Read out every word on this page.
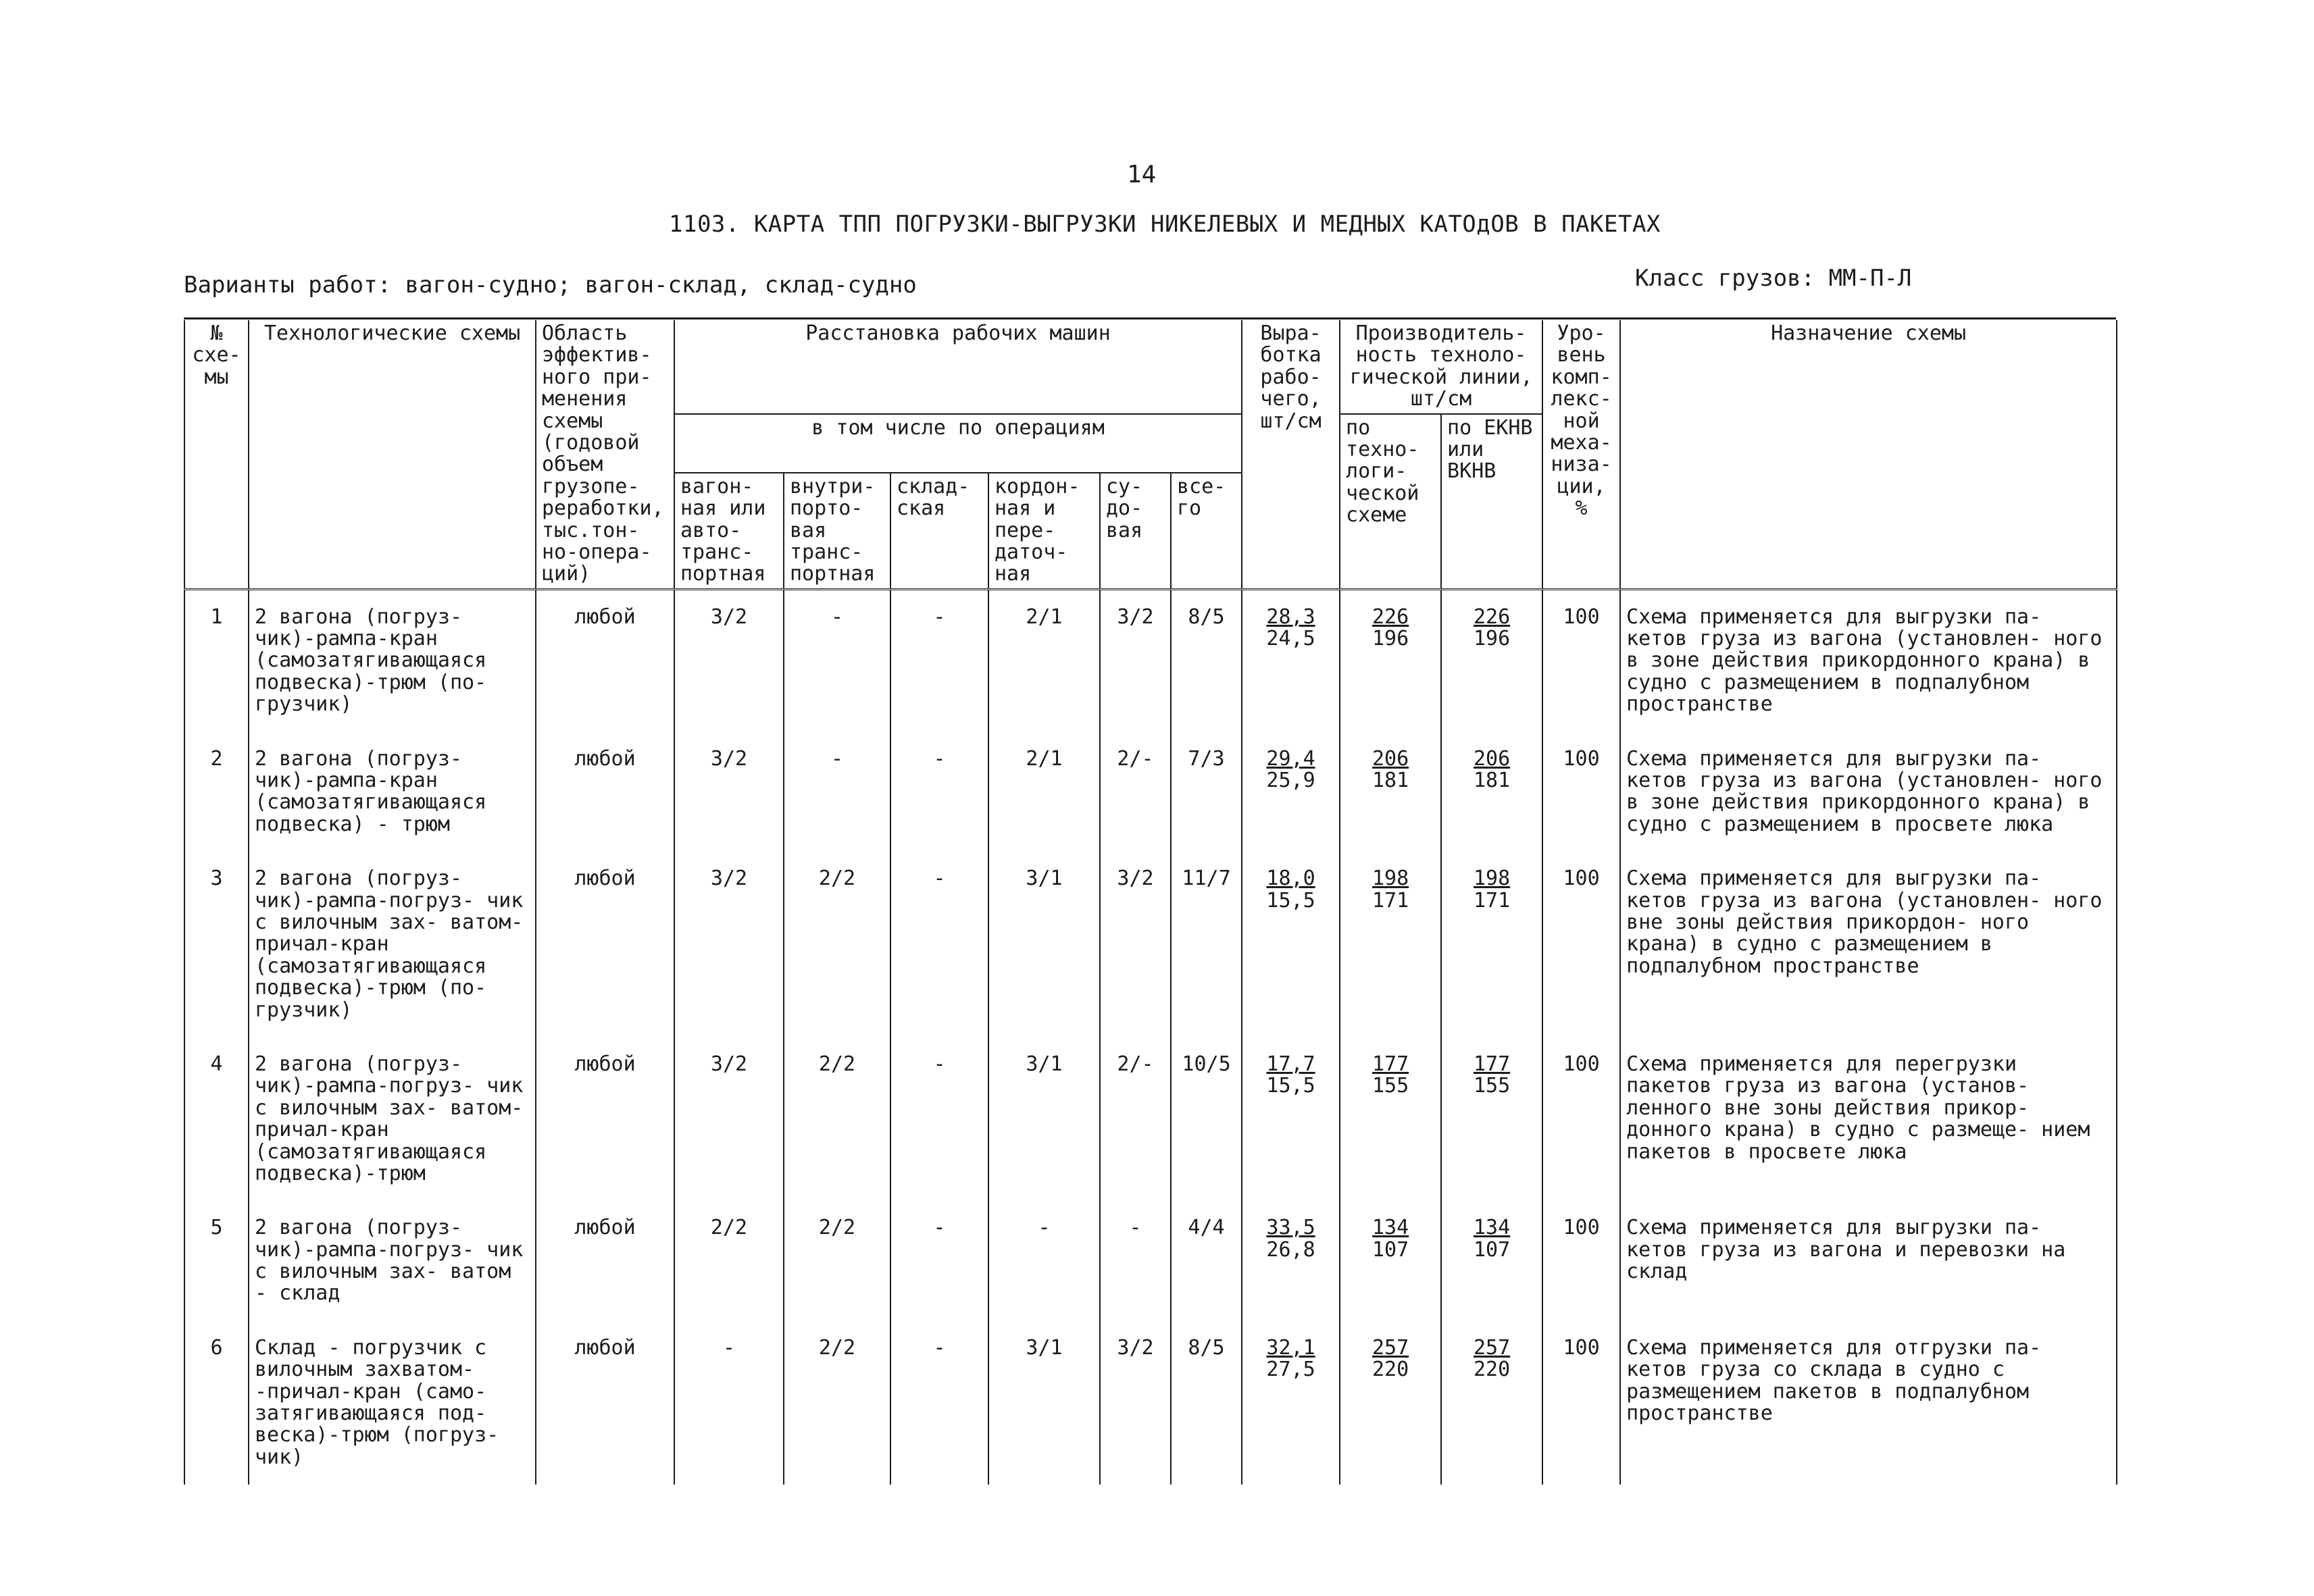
14
1103. КАРТА ТПП ПОГРУЗКИ-ВЫГРУЗКИ НИКЕЛЕВЫХ И МЕДНЫХ КАТОдОВ В ПАКЕТАХ
Варианты работ: вагон-судно; вагон-склад, склад-судно	Класс грузов: ММ-П-Л
№ схе- мы	Технологические схемы	Область эффектив- ного при- менения схемы (годовой объем грузопе- реработки, тыс.тон- но-опера- ций)	Расстановка рабочих машин						Выра- ботка рабо- чего, шт/см	Производитель- ность техноло- гической линии, шт/см		Уро- вень комп- лекс- ной меха- низа- ции, %	Назначение схемы
			в том числе по операциям							по техно- логи- ческой схеме	по ЕКНВ или ВКНВ		
			вагон- ная или авто- транс- портная	внутри- порто- вая транс- портная	склад- ская	кордон- ная и пере- даточ- ная	су- до- вая	все- го					
1	2 вагона (погруз- чик)-рампа-кран (самозатягивающаяся подвеска)-трюм (по- грузчик)	любой	3/2	-	-	2/1	3/2	8/5	$\frac{28,3}{24,5}$	$\frac{226}{196}$	$\frac{226}{196}$	100	Схема применяется для выгрузки па- кетов груза из вагона (установлен- ного в зоне действия прикордонного крана) в судно с размещением в подпалубном пространстве
2	2 вагона (погруз- чик)-рампа-кран (самозатягивающаяся подвеска) - трюм	любой	3/2	-	-	2/1	2/-	7/3	$\frac{29,4}{25,9}$	$\frac{206}{181}$	$\frac{206}{181}$	100	Схема применяется для выгрузки па- кетов груза из вагона (установлен- ного в зоне действия прикордонного крана) в судно с размещением в просвете люка
3	2 вагона (погруз- чик)-рампа-погруз- чик с вилочным зах- ватом-причал-кран (самозатягивающаяся подвеска)-трюм (по- грузчик)	любой	3/2	2/2	-	3/1	3/2	11/7	$\frac{18,0}{15,5}$	$\frac{198}{171}$	$\frac{198}{171}$	100	Схема применяется для выгрузки па- кетов груза из вагона (установлен- ного вне зоны действия прикордон- ного крана) в судно с размещением в подпалубном пространстве
4	2 вагона (погруз- чик)-рампа-погруз- чик с вилочным зах- ватом-причал-кран (самозатягивающаяся подвеска)-трюм	любой	3/2	2/2	-	3/1	2/-	10/5	$\frac{17,7}{15,5}$	$\frac{177}{155}$	$\frac{177}{155}$	100	Схема применяется для перегрузки пакетов груза из вагона (установ- ленного вне зоны действия прикор- донного крана) в судно с размеще- нием пакетов в просвете люка
5	2 вагона (погруз- чик)-рампа-погруз- чик с вилочным зах- ватом - склад	любой	2/2	2/2	-	-	-	4/4	$\frac{33,5}{26,8}$	$\frac{134}{107}$	$\frac{134}{107}$	100	Схема применяется для выгрузки па- кетов груза из вагона и перевозки на склад
6	Склад - погрузчик с вилочным захватом- -причал-кран (само- затягивающаяся под- веска)-трюм (погруз- чик)	любой	-	2/2	-	3/1	3/2	8/5	$\frac{32,1}{27,5}$	$\frac{257}{220}$	$\frac{257}{220}$	100	Схема применяется для отгрузки па- кетов груза со склада в судно с размещением пакетов в подпалубном пространстве
